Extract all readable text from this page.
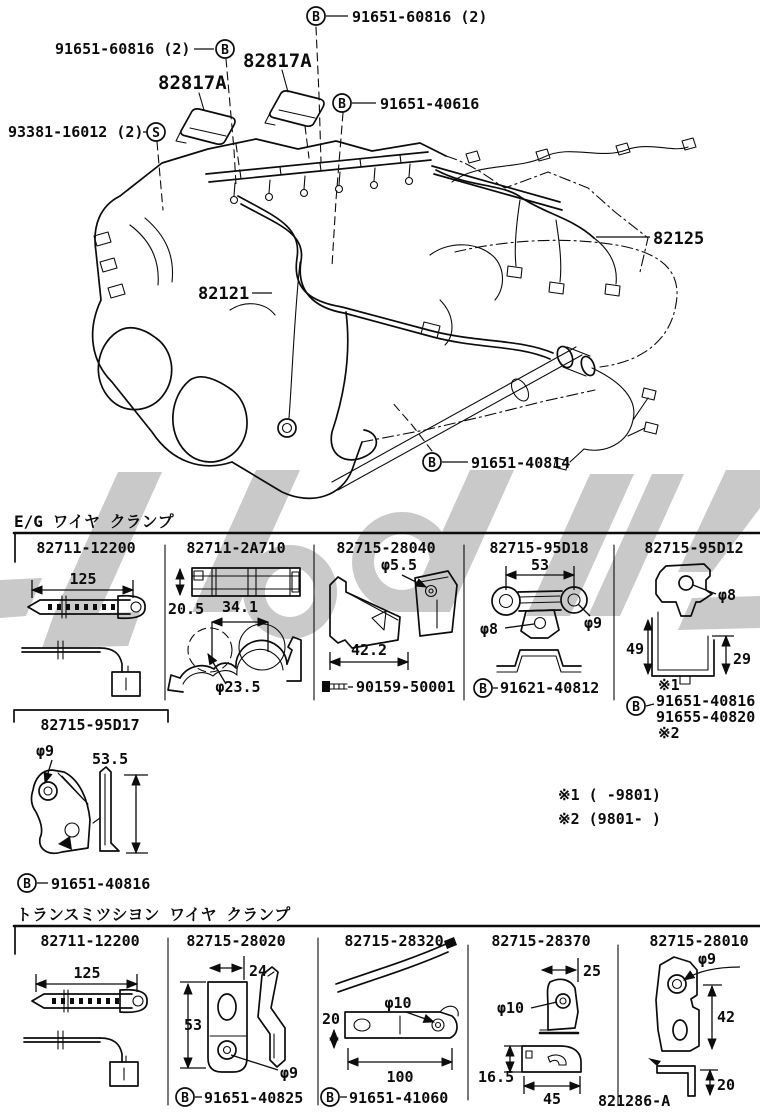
B 91651-60816 (2)
91651-60816 (2) B 82817A
82817A
B 91651-40616
93381-16012 (2) S
82121
82125
B 91651-40814
E/G ワイヤ クランプ
82711-12200
125
82711-2A710
20.5 34.1
φ23.5
82715-28040
φ5.5
42.2
90159-50001
82715-95D18
53
φ8	φ9
B 91621-40812
82715-95D12
φ8
49
29
※1
B 91651-40816
91655-40820
※2
82715-95D17
φ9	53.5
B 91651-40816
※1 ( -9801)
※2 (9801- )
トランスミツシヨン ワイヤ クランプ
82711-12200
125
82715-28020
24
53
φ9
B 91651-40825
82715-28320
φ10
20
100
B 91651-41060
82715-28370
25
φ10
16.5
45
82715-28010
φ9
42
20
821286-A
